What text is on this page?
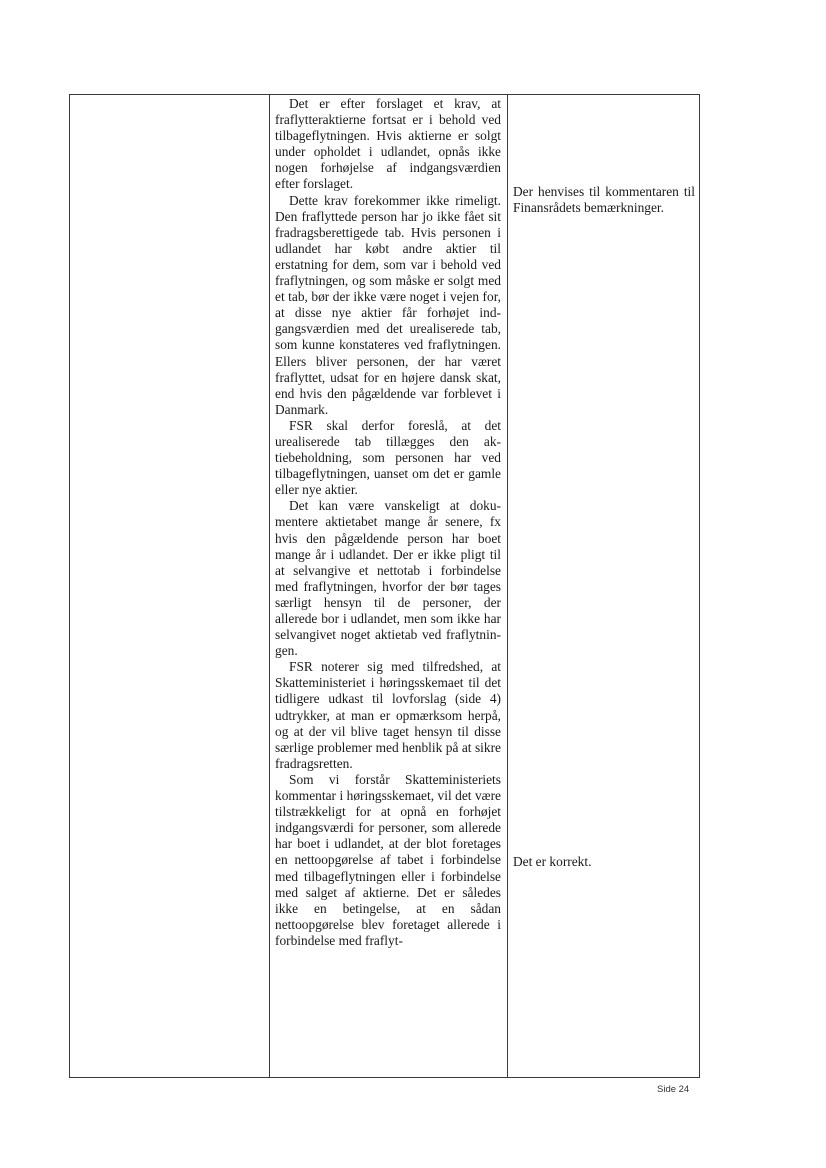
Det er efter forslaget et krav, at fraflytteraktierne fortsat er i behold ved tilbageflytningen. Hvis aktierne er solgt under opholdet i udlandet, opnås ikke nogen forhøjelse af indgangsværdien efter forslaget.

Dette krav forekommer ikke rimeligt. Den fraflyttede person har jo ikke fået sit fradragsberettigede tab. Hvis personen i udlandet har købt andre aktier til erstatning for dem, som var i behold ved fraflytningen, og som måske er solgt med et tab, bør der ikke være noget i vejen for, at disse nye aktier får forhøjet indgangsværdien med det urealiserede tab, som kunne konstateres ved fraflytningen. Ellers bliver personen, der har været fraflyttet, udsat for en højere dansk skat, end hvis den pågældende var forblevet i Danmark.

FSR skal derfor foreslå, at det urealiserede tab tillægges den aktiebeholdning, som personen har ved tilbageflytningen, uanset om det er gamle eller nye aktier.

Det kan være vanskeligt at dokumentere aktietabet mange år senere, fx hvis den pågældende person har boet mange år i udlandet. Der er ikke pligt til at selvangive et nettotab i forbindelse med fraflytningen, hvorfor der bør tages særligt hensyn til de personer, der allerede bor i udlandet, men som ikke har selvangivet noget aktietab ved fraflytningen.

FSR noterer sig med tilfredshed, at Skatteministeriet i høringsskemaet til det tidligere udkast til lovforslag (side 4) udtrykker, at man er opmærksom herpå, og at der vil blive taget hensyn til disse særlige problemer med henblik på at sikre fradragsretten.

Som vi forstår Skatteministeriets kommentar i høringsskemaet, vil det være tilstrækkeligt for at opnå en forhøjet indgangsværdi for personer, som allerede har boet i udlandet, at der blot foretages en nettoopgørelse af tabet i forbindelse med tilbageflytningen eller i forbindelse med salget af aktierne. Det er således ikke en betingelse, at en sådan nettoopgørelse blev foretaget allerede i forbindelse med fraflyt-

Der henvises til kommentaren til Finansrådets bemærkninger.
Det er korrekt.
Side 24
